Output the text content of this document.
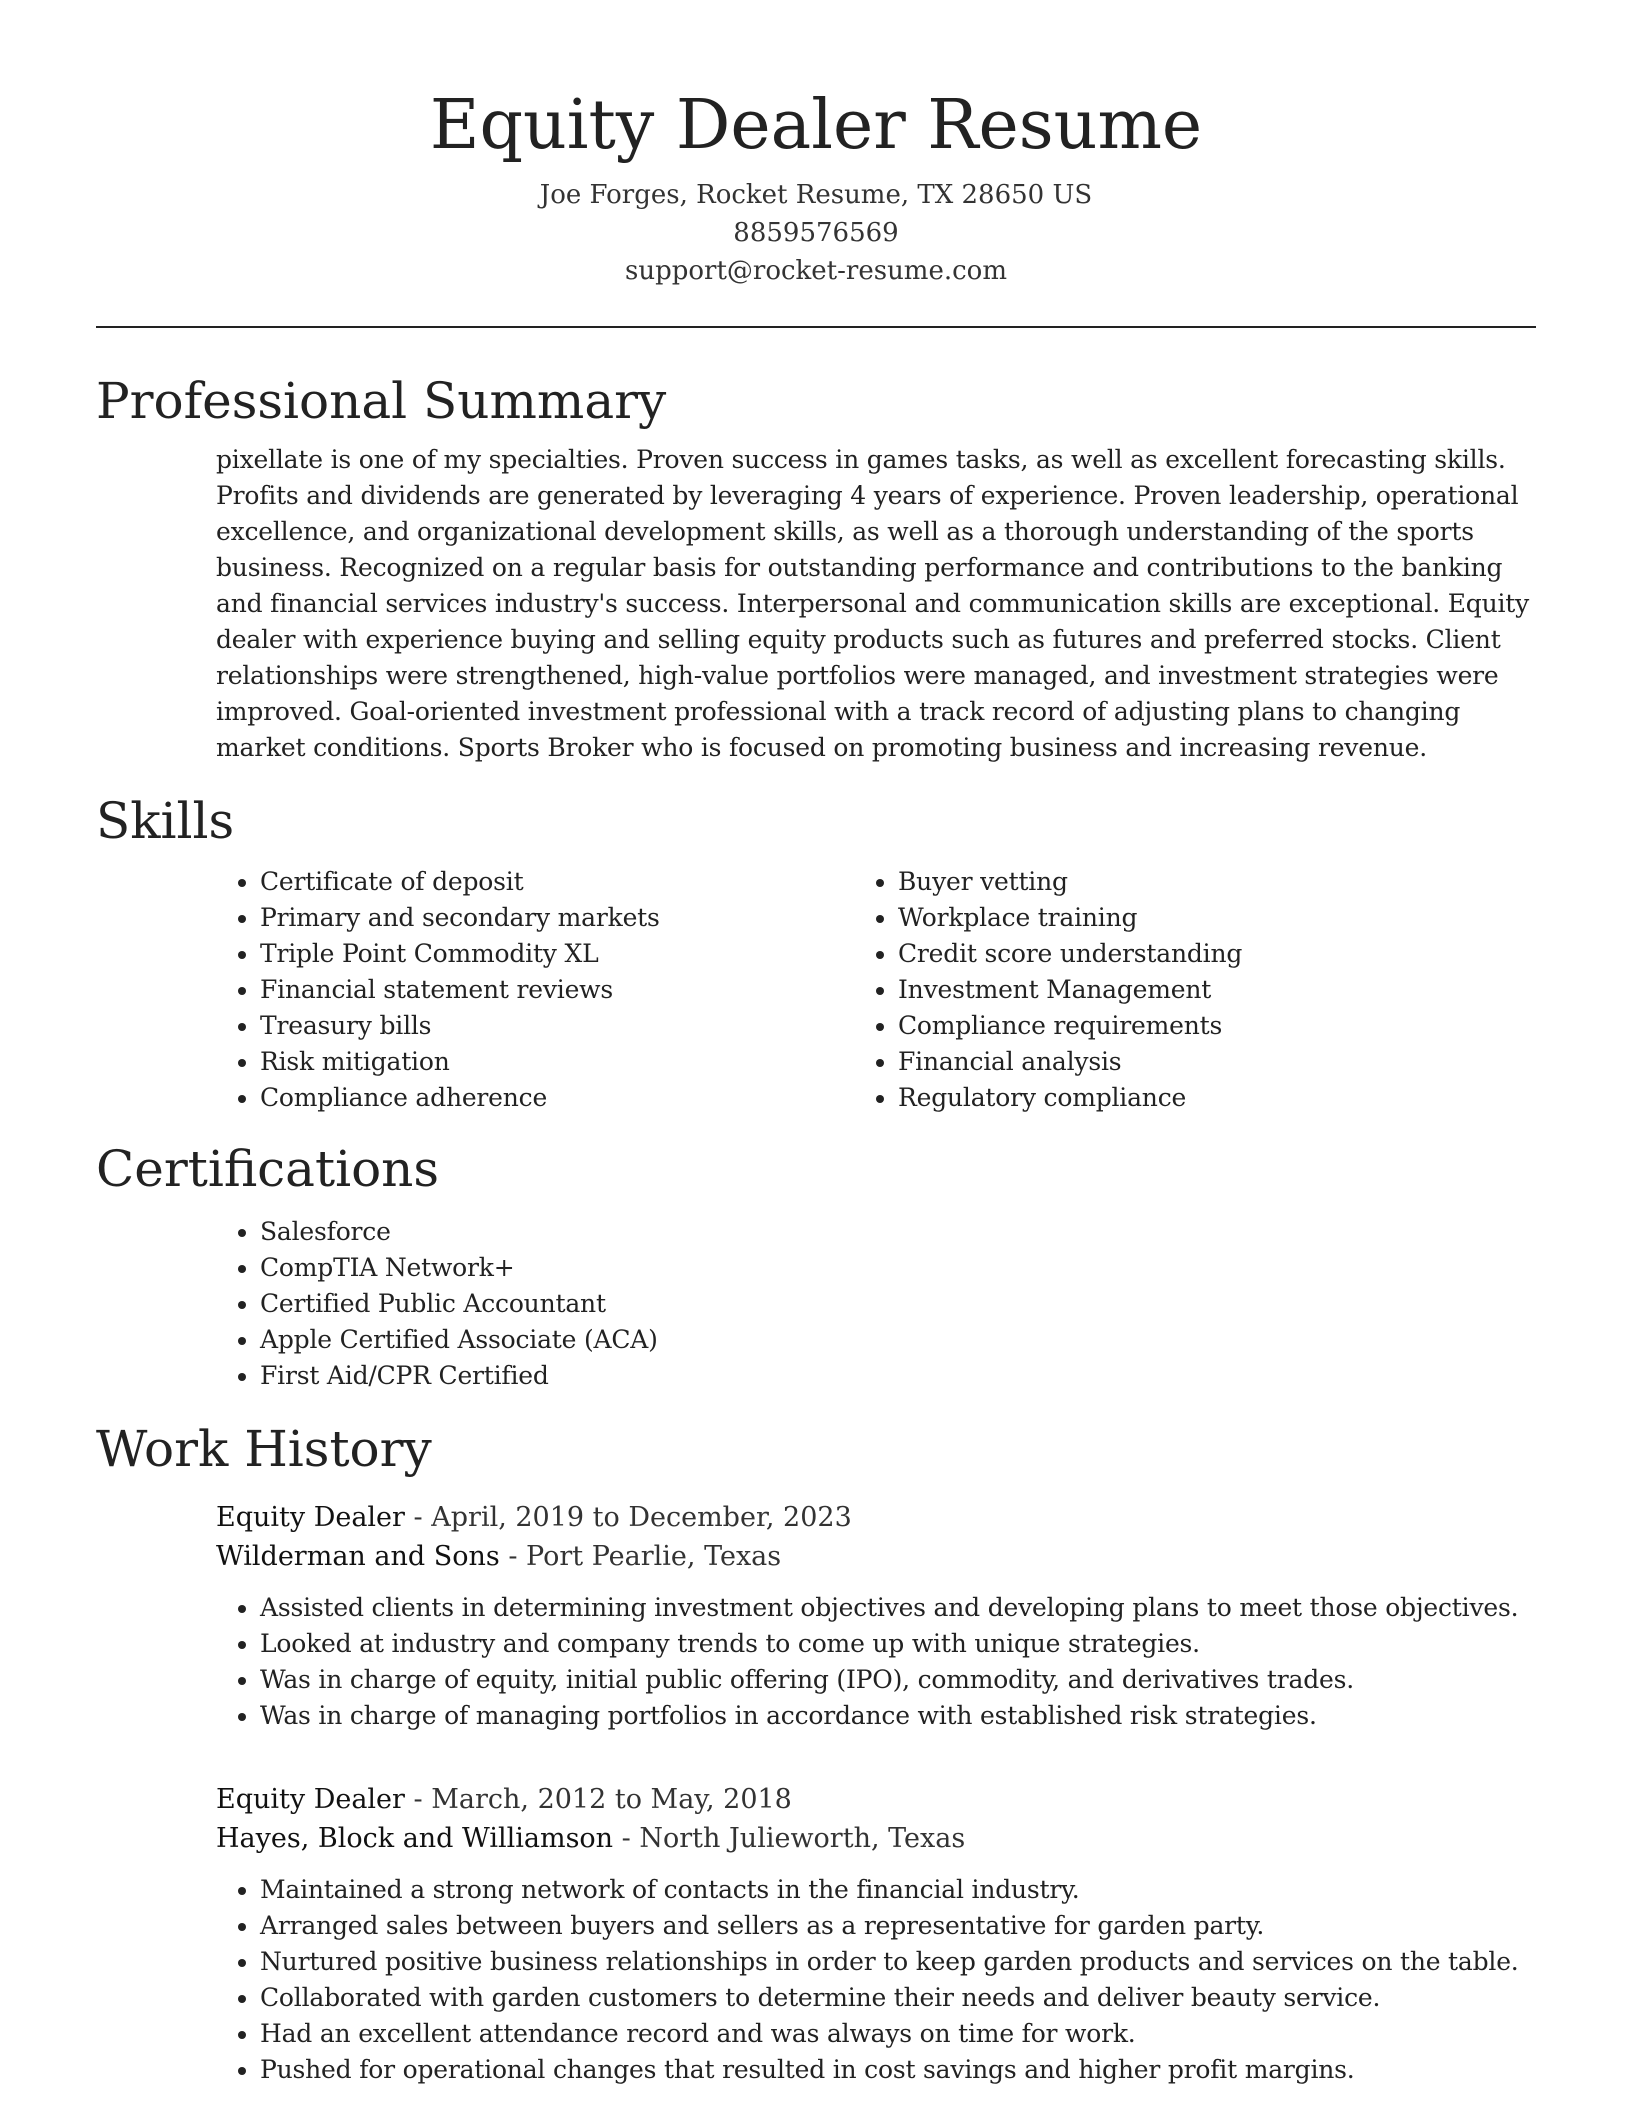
Equity Dealer Resume
Joe Forges, Rocket Resume, TX 28650 US
8859576569
support@rocket-resume.com
Professional Summary

pixellate is one of my specialties. Proven success in games tasks, as well as excellent forecasting skills. Profits and dividends are generated by leveraging 4 years of experience. Proven leadership, operational excellence, and organizational development skills, as well as a thorough understanding of the sports business. Recognized on a regular basis for outstanding performance and contributions to the banking and financial services industry's success. Interpersonal and communication skills are exceptional. Equity dealer with experience buying and selling equity products such as futures and preferred stocks. Client relationships were strengthened, high-value portfolios were managed, and investment strategies were improved. Goal-oriented investment professional with a track record of adjusting plans to changing market conditions. Sports Broker who is focused on promoting business and increasing revenue.

Skills
• Certificate of deposit
• Primary and secondary markets
• Triple Point Commodity XL
• Financial statement reviews
• Treasury bills
• Risk mitigation
• Compliance adherence
• Buyer vetting
• Workplace training
• Credit score understanding
• Investment Management
• Compliance requirements
• Financial analysis
• Regulatory compliance
Certifications
• Salesforce
• CompTIA Network+
• Certified Public Accountant
• Apple Certified Associate (ACA)
• First Aid/CPR Certified
Work History
Equity Dealer - April, 2019 to December, 2023
Wilderman and Sons - Port Pearlie, Texas
• Assisted clients in determining investment objectives and developing plans to meet those objectives.
• Looked at industry and company trends to come up with unique strategies.
• Was in charge of equity, initial public offering (IPO), commodity, and derivatives trades.
• Was in charge of managing portfolios in accordance with established risk strategies.
Equity Dealer - March, 2012 to May, 2018
Hayes, Block and Williamson - North Julieworth, Texas
• Maintained a strong network of contacts in the financial industry.
• Arranged sales between buyers and sellers as a representative for garden party.
• Nurtured positive business relationships in order to keep garden products and services on the table.
• Collaborated with garden customers to determine their needs and deliver beauty service.
• Had an excellent attendance record and was always on time for work.
• Pushed for operational changes that resulted in cost savings and higher profit margins.
